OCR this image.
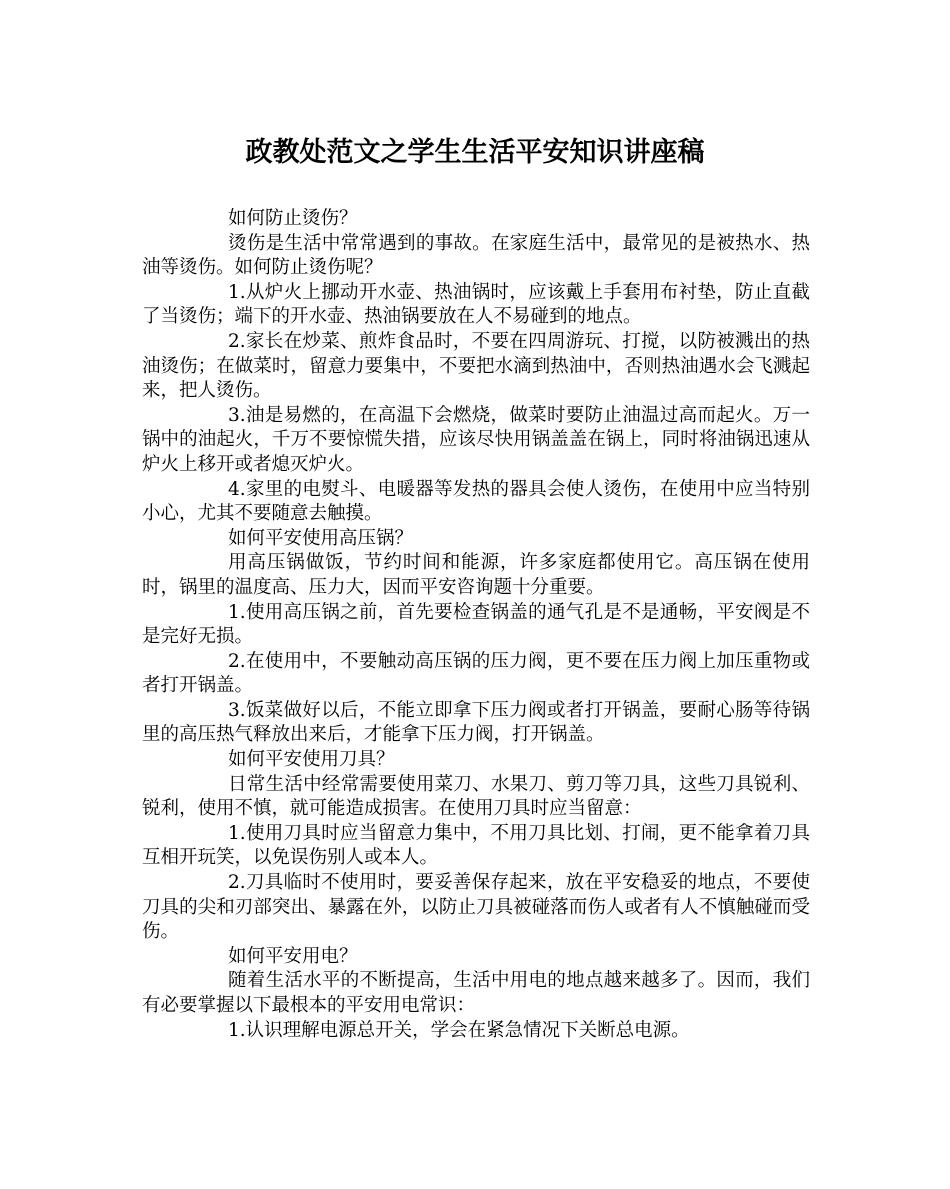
政教处范文之学生生活平安知识讲座稿

如何防止烫伤？

烫伤是生活中常常遇到的事故。在家庭生活中，最常见的是被热水、热油等烫伤。如何防止烫伤呢？

1.从炉火上挪动开水壶、热油锅时，应该戴上手套用布衬垫，防止直截了当烫伤；端下的开水壶、热油锅要放在人不易碰到的地点。

2.家长在炒菜、煎炸食品时，不要在四周游玩、打搅，以防被溅出的热油烫伤；在做菜时，留意力要集中，不要把水滴到热油中，否则热油遇水会飞溅起来，把人烫伤。

3.油是易燃的，在高温下会燃烧，做菜时要防止油温过高而起火。万一锅中的油起火，千万不要惊慌失措，应该尽快用锅盖盖在锅上，同时将油锅迅速从炉火上移开或者熄灭炉火。

4.家里的电熨斗、电暖器等发热的器具会使人烫伤，在使用中应当特别小心，尤其不要随意去触摸。

如何平安使用高压锅？

用高压锅做饭，节约时间和能源，许多家庭都使用它。高压锅在使用时，锅里的温度高、压力大，因而平安咨询题十分重要。

1.使用高压锅之前，首先要检查锅盖的通气孔是不是通畅，平安阀是不是完好无损。

2.在使用中，不要触动高压锅的压力阀，更不要在压力阀上加压重物或者打开锅盖。

3.饭菜做好以后，不能立即拿下压力阀或者打开锅盖，要耐心肠等待锅里的高压热气释放出来后，才能拿下压力阀，打开锅盖。

如何平安使用刀具？

日常生活中经常需要使用菜刀、水果刀、剪刀等刀具，这些刀具锐利、锐利，使用不慎，就可能造成损害。在使用刀具时应当留意：

1.使用刀具时应当留意力集中，不用刀具比划、打闹，更不能拿着刀具互相开玩笑，以免误伤别人或本人。

2.刀具临时不使用时，要妥善保存起来，放在平安稳妥的地点，不要使刀具的尖和刃部突出、暴露在外，以防止刀具被碰落而伤人或者有人不慎触碰而受伤。

如何平安用电？

随着生活水平的不断提高，生活中用电的地点越来越多了。因而，我们有必要掌握以下最根本的平安用电常识：

1.认识理解电源总开关，学会在紧急情况下关断总电源。
